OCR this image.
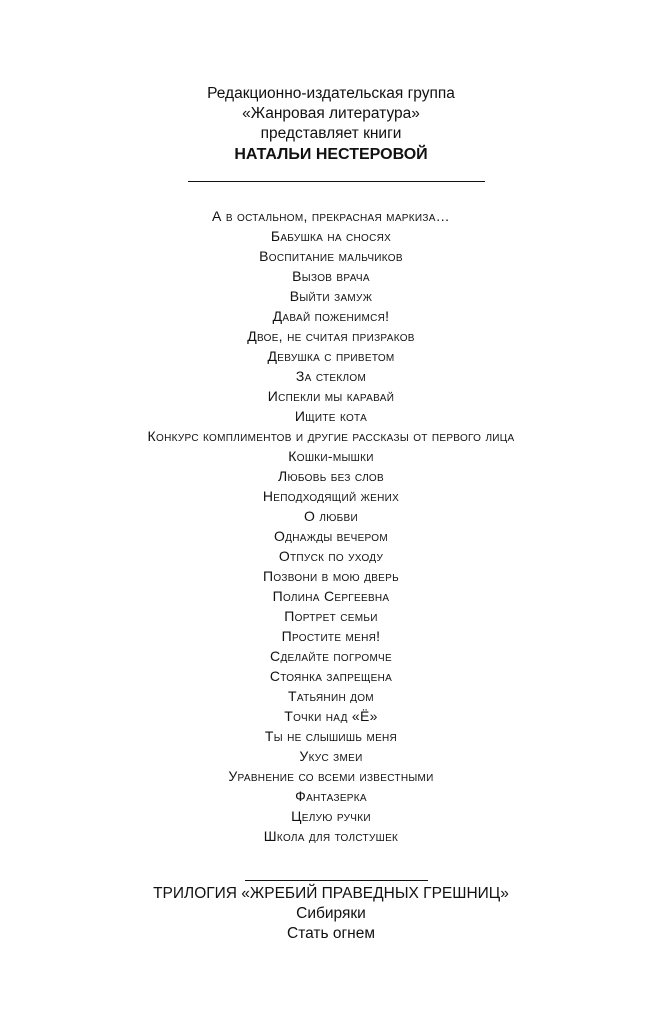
Редакционно-издательская группа
«Жанровая литература»
представляет книги
НАТАЛЬИ НЕСТЕРОВОЙ
А в остальном, прекрасная маркиза…
Бабушка на сносях
Воспитание мальчиков
Вызов врача
Выйти замуж
Давай поженимся!
Двое, не считая призраков
Девушка с приветом
За стеклом
Испекли мы каравай
Ищите кота
Конкурс комплиментов и другие рассказы от первого лица
Кошки-мышки
Любовь без слов
Неподходящий жених
О любви
Однажды вечером
Отпуск по уходу
Позвони в мою дверь
Полина Сергеевна
Портрет семьи
Простите меня!
Сделайте погромче
Стоянка запрещена
Татьянин дом
Точки над «Ё»
Ты не слышишь меня
Укус змеи
Уравнение со всеми известными
Фантазерка
Целую ручки
Школа для толстушек
ТРИЛОГИЯ «ЖРЕБИЙ ПРАВЕДНЫХ ГРЕШНИЦ»
Сибиряки
Стать огнем
